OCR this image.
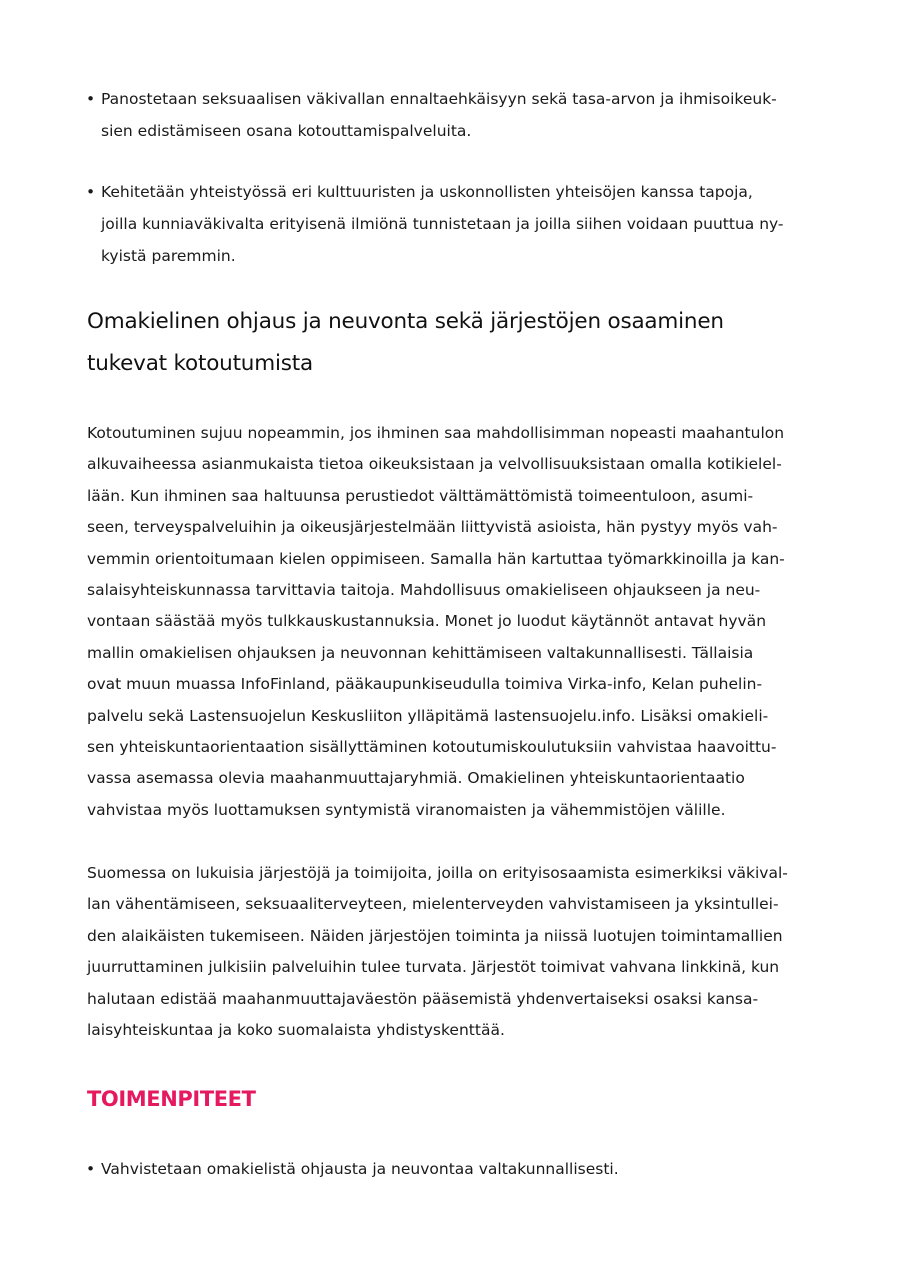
• Panostetaan seksuaalisen väkivallan ennaltaehkäisyyn sekä tasa-arvon ja ihmisoikeuk-
sien edistämiseen osana kotouttamispalveluita.
• Kehitetään yhteistyössä eri kulttuuristen ja uskonnollisten yhteisöjen kanssa tapoja,
joilla kunniaväkivalta erityisenä ilmiönä tunnistetaan ja joilla siihen voidaan puuttua ny-
kyistä paremmin.
Omakielinen ohjaus ja neuvonta sekä järjestöjen osaaminen
tukevat kotoutumista

Kotoutuminen sujuu nopeammin, jos ihminen saa mahdollisimman nopeasti maahantulon
alkuvaiheessa asianmukaista tietoa oikeuksistaan ja velvollisuuksistaan omalla kotikielel-
lään. Kun ihminen saa haltuunsa perustiedot välttämättömistä toimeentuloon, asumi-
seen, terveyspalveluihin ja oikeusjärjestelmään liittyvistä asioista, hän pystyy myös vah-
vemmin orientoitumaan kielen oppimiseen. Samalla hän kartuttaa työmarkkinoilla ja kan-
salaisyhteiskunnassa tarvittavia taitoja. Mahdollisuus omakieliseen ohjaukseen ja neu-
vontaan säästää myös tulkkauskustannuksia. Monet jo luodut käytännöt antavat hyvän
mallin omakielisen ohjauksen ja neuvonnan kehittämiseen valtakunnallisesti. Tällaisia
ovat muun muassa InfoFinland, pääkaupunkiseudulla toimiva Virka-info, Kelan puhelin-
palvelu sekä Lastensuojelun Keskusliiton ylläpitämä lastensuojelu.info. Lisäksi omakieli-
sen yhteiskuntaorientaation sisällyttäminen kotoutumiskoulutuksiin vahvistaa haavoittu-
vassa asemassa olevia maahanmuuttajaryhmiä. Omakielinen yhteiskuntaorientaatio
vahvistaa myös luottamuksen syntymistä viranomaisten ja vähemmistöjen välille.

Suomessa on lukuisia järjestöjä ja toimijoita, joilla on erityisosaamista esimerkiksi väkival-
lan vähentämiseen, seksuaaliterveyteen, mielenterveyden vahvistamiseen ja yksintullei-
den alaikäisten tukemiseen. Näiden järjestöjen toiminta ja niissä luotujen toimintamallien
juurruttaminen julkisiin palveluihin tulee turvata. Järjestöt toimivat vahvana linkkinä, kun
halutaan edistää maahanmuuttajaväestön pääsemistä yhdenvertaiseksi osaksi kansa-
laisyhteiskuntaa ja koko suomalaista yhdistyskenttää.

TOIMENPITEET
• Vahvistetaan omakielistä ohjausta ja neuvontaa valtakunnallisesti.
